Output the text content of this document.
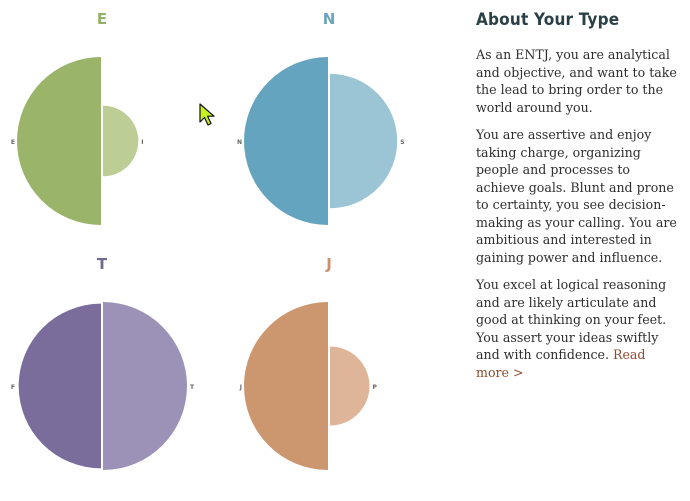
E
E	I
N
N	S
T
F	T
J
J	P
About Your Type

As an ENTJ, you are analytical and objective, and want to take the lead to bring order to the world around you.

You are assertive and enjoy taking charge, organizing people and processes to achieve goals. Blunt and prone to certainty, you see decision-making as your calling. You are ambitious and interested in gaining power and influence.

You excel at logical reasoning and are likely articulate and good at thinking on your feet. You assert your ideas swiftly and with confidence. Read more >
